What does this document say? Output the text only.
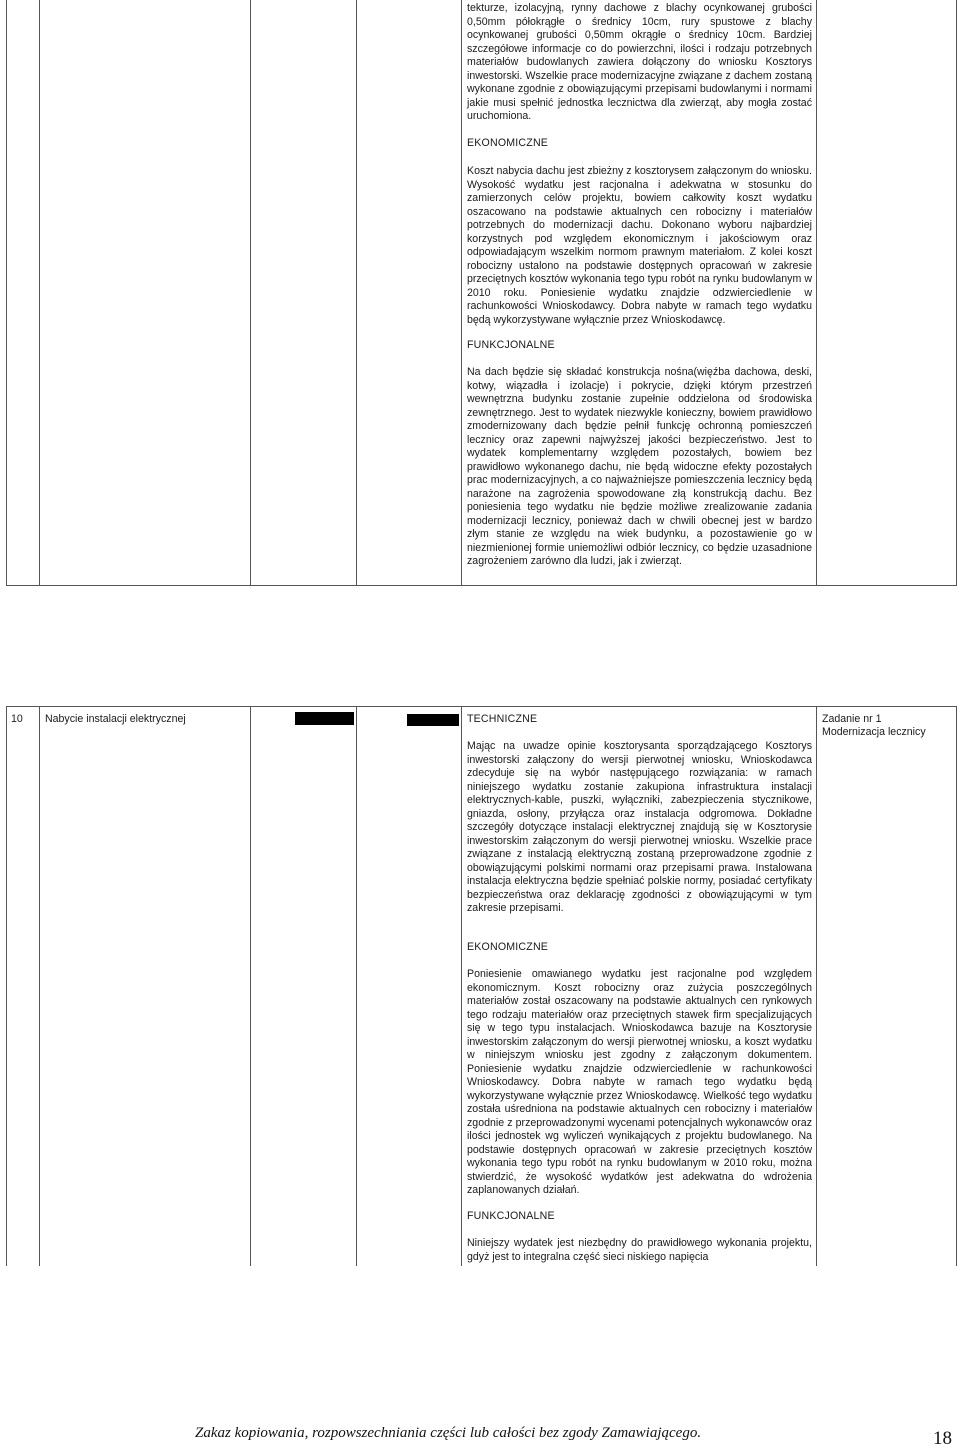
tekturze, izolacyjną, rynny dachowe z blachy ocynkowanej grubości 0,50mm półokrągłe o średnicy 10cm, rury spustowe z blachy ocynkowanej grubości 0,50mm okrągłe o średnicy 10cm. Bardziej szczegółowe informacje co do powierzchni, ilości i rodzaju potrzebnych materiałów budowlanych zawiera dołączony do wniosku Kosztorys inwestorski. Wszelkie prace modernizacyjne związane z dachem zostaną wykonane zgodnie z obowiązującymi przepisami budowlanymi i normami jakie musi spełnić jednostka lecznictwa dla zwierząt, aby mogła zostać uruchomiona.
EKONOMICZNE
Koszt nabycia dachu jest zbieżny z kosztorysem załączonym do wniosku. Wysokość wydatku jest racjonalna i adekwatna w stosunku do zamierzonych celów projektu, bowiem całkowity koszt wydatku oszacowano na podstawie aktualnych cen robocizny i materiałów potrzebnych do modernizacji dachu. Dokonano wyboru najbardziej korzystnych pod względem ekonomicznym i jakościowym oraz odpowiadającym wszelkim normom prawnym materiałom. Z kolei koszt robocizny ustalono na podstawie dostępnych opracowań w zakresie przeciętnych kosztów wykonania tego typu robót na rynku budowlanym w 2010 roku. Poniesienie wydatku znajdzie odzwierciedlenie w rachunkowości Wnioskodawcy. Dobra nabyte w ramach tego wydatku będą wykorzystywane wyłącznie przez Wnioskodawcę.
FUNKCJONALNE
Na dach będzie się składać konstrukcja nośna(więźba dachowa, deski, kotwy, wiązadła i izolacje) i pokrycie, dzięki którym przestrzeń wewnętrzna budynku zostanie zupełnie oddzielona od środowiska zewnętrznego. Jest to wydatek niezwykle konieczny, bowiem prawidłowo zmodernizowany dach będzie pełnił funkcję ochronną pomieszczeń lecznicy oraz zapewni najwyższej jakości bezpieczeństwo. Jest to wydatek komplementarny względem pozostałych, bowiem bez prawidłowo wykonanego dachu, nie będą widoczne efekty pozostałych prac modernizacyjnych, a co najważniejsze pomieszczenia lecznicy będą narażone na zagrożenia spowodowane złą konstrukcją dachu. Bez poniesienia tego wydatku nie będzie możliwe zrealizowanie zadania modernizacji lecznicy, ponieważ dach w chwili obecnej jest w bardzo złym stanie ze względu na wiek budynku, a pozostawienie go w niezmienionej formie uniemożliwi odbiór lecznicy, co będzie uzasadnione zagrożeniem zarówno dla ludzi, jak i zwierząt.
10 Nabycie instalacji elektrycznej	TECHNICZNE
Mając na uwadze opinie kosztorysanta sporządzającego Kosztorys inwestorski załączony do wersji pierwotnej wniosku, Wnioskodawca zdecyduje się na wybór następującego rozwiązania: w ramach niniejszego wydatku zostanie zakupiona infrastruktura instalacji elektrycznych-kable, puszki, wyłączniki, zabezpieczenia stycznikowe, gniazda, osłony, przyłącza oraz instalacja odgromowa. Dokładne szczegóły dotyczące instalacji elektrycznej znajdują się w Kosztorysie inwestorskim załączonym do wersji pierwotnej wniosku. Wszelkie prace związane z instalacją elektryczną zostaną przeprowadzone zgodnie z obowiązującymi polskimi normami oraz przepisami prawa. Instalowana instalacja elektryczna będzie spełniać polskie normy, posiadać certyfikaty bezpieczeństwa oraz deklarację zgodności z obowiązującymi w tym zakresie przepisami.
EKONOMICZNE
Poniesienie omawianego wydatku jest racjonalne pod względem ekonomicznym. Koszt robocizny oraz zużycia poszczególnych materiałów został oszacowany na podstawie aktualnych cen rynkowych tego rodzaju materiałów oraz przeciętnych stawek firm specjalizujących się w tego typu instalacjach. Wnioskodawca bazuje na Kosztorysie inwestorskim załączonym do wersji pierwotnej wniosku, a koszt wydatku w niniejszym wniosku jest zgodny z załączonym dokumentem. Poniesienie wydatku znajdzie odzwierciedlenie w rachunkowości Wnioskodawcy. Dobra nabyte w ramach tego wydatku będą wykorzystywane wyłącznie przez Wnioskodawcę. Wielkość tego wydatku została uśredniona na podstawie aktualnych cen robocizny i materiałów zgodnie z przeprowadzonymi wycenami potencjalnych wykonawców oraz ilości jednostek wg wyliczeń wynikających z projektu budowlanego. Na podstawie dostępnych opracowań w zakresie przeciętnych kosztów wykonania tego typu robót na rynku budowlanym w 2010 roku, można stwierdzić, że wysokość wydatków jest adekwatna do wdrożenia zaplanowanych działań.
FUNKCJONALNE
Niniejszy wydatek jest niezbędny do prawidłowego wykonania projektu, gdyż jest to integralna część sieci niskiego napięcia
Zadanie nr 1
Modernizacja lecznicy
Zakaz kopiowania, rozpowszechniania części lub całości bez zgody Zamawiającego.	18
